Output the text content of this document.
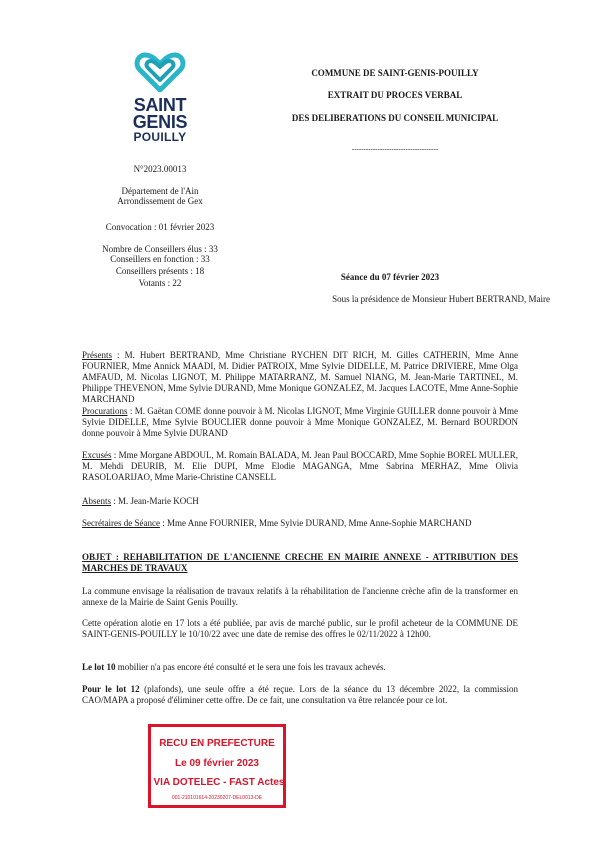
SAINT
GENIS
POUILLY
COMMUNE DE SAINT-GENIS-POUILLY
EXTRAIT DU PROCES VERBAL
DES DELIBERATIONS DU CONSEIL MUNICIPAL
-------------------------------------
N°2023.00013
Département de l'Ain
Arrondissement de Gex
Convocation : 01 février 2023
Nombre de Conseillers élus : 33
Conseillers en fonction : 33
Conseillers présents : 18
Votants : 22
Séance du 07 février 2023
Sous la présidence de Monsieur Hubert BERTRAND, Maire
Présents : M. Hubert BERTRAND, Mme Christiane RYCHEN DIT RICH, M. Gilles CATHERIN, Mme Anne FOURNIER, Mme Annick MAADI, M. Didier PATROIX, Mme Sylvie DIDELLE, M. Patrice DRIVIERE, Mme Olga AMFAUD, M. Nicolas LIGNOT, M. Philippe MATARRANZ, M. Samuel NIANG, M. Jean-Marie TARTINEL, M. Philippe THEVENON, Mme Sylvie DURAND, Mme Monique GONZALEZ, M. Jacques LACOTE, Mme Anne-Sophie MARCHAND
Procurations : M. Gaëtan COME donne pouvoir à M. Nicolas LIGNOT, Mme Virginie GUILLER donne pouvoir à Mme Sylvie DIDELLE, Mme Sylvie BOUCLIER donne pouvoir à Mme Monique GONZALEZ, M. Bernard BOURDON donne pouvoir à Mme Sylvie DURAND
Excusés : Mme Morgane ABDOUL, M. Romain BALADA, M. Jean Paul BOCCARD, Mme Sophie BOREL MULLER, M. Mehdi DEURIB, M. Elie DUPI, Mme Elodie MAGANGA, Mme Sabrina MERHAZ, Mme Olivia RASOLOARIJAO, Mme Marie-Christine CANSELL
Absents : M. Jean-Marie KOCH
Secrétaires de Séance : Mme Anne FOURNIER, Mme Sylvie DURAND, Mme Anne-Sophie MARCHAND
OBJET : REHABILITATION DE L'ANCIENNE CRECHE EN MAIRIE ANNEXE - ATTRIBUTION DES MARCHES DE TRAVAUX
La commune envisage la réalisation de travaux relatifs à la réhabilitation de l'ancienne crèche afin de la transformer en annexe de la Mairie de Saint Genis Pouilly.
Cette opération alotie en 17 lots a été publiée, par avis de marché public, sur le profil acheteur de la COMMUNE DE SAINT-GENIS-POUILLY le 10/10/22 avec une date de remise des offres le 02/11/2022 à 12h00.
Le lot 10 mobilier n'a pas encore été consulté et le sera une fois les travaux achevés.
Pour le lot 12 (plafonds), une seule offre a été reçue. Lors de la séance du 13 décembre 2022, la commission CAO/MAPA a proposé d'éliminer cette offre. De ce fait, une consultation va être relancée pour ce lot.
RECU EN PREFECTURE
Le 09 février 2023
VIA DOTELEC - FAST Actes
001-210101614-20230207-DEL0013-DE
